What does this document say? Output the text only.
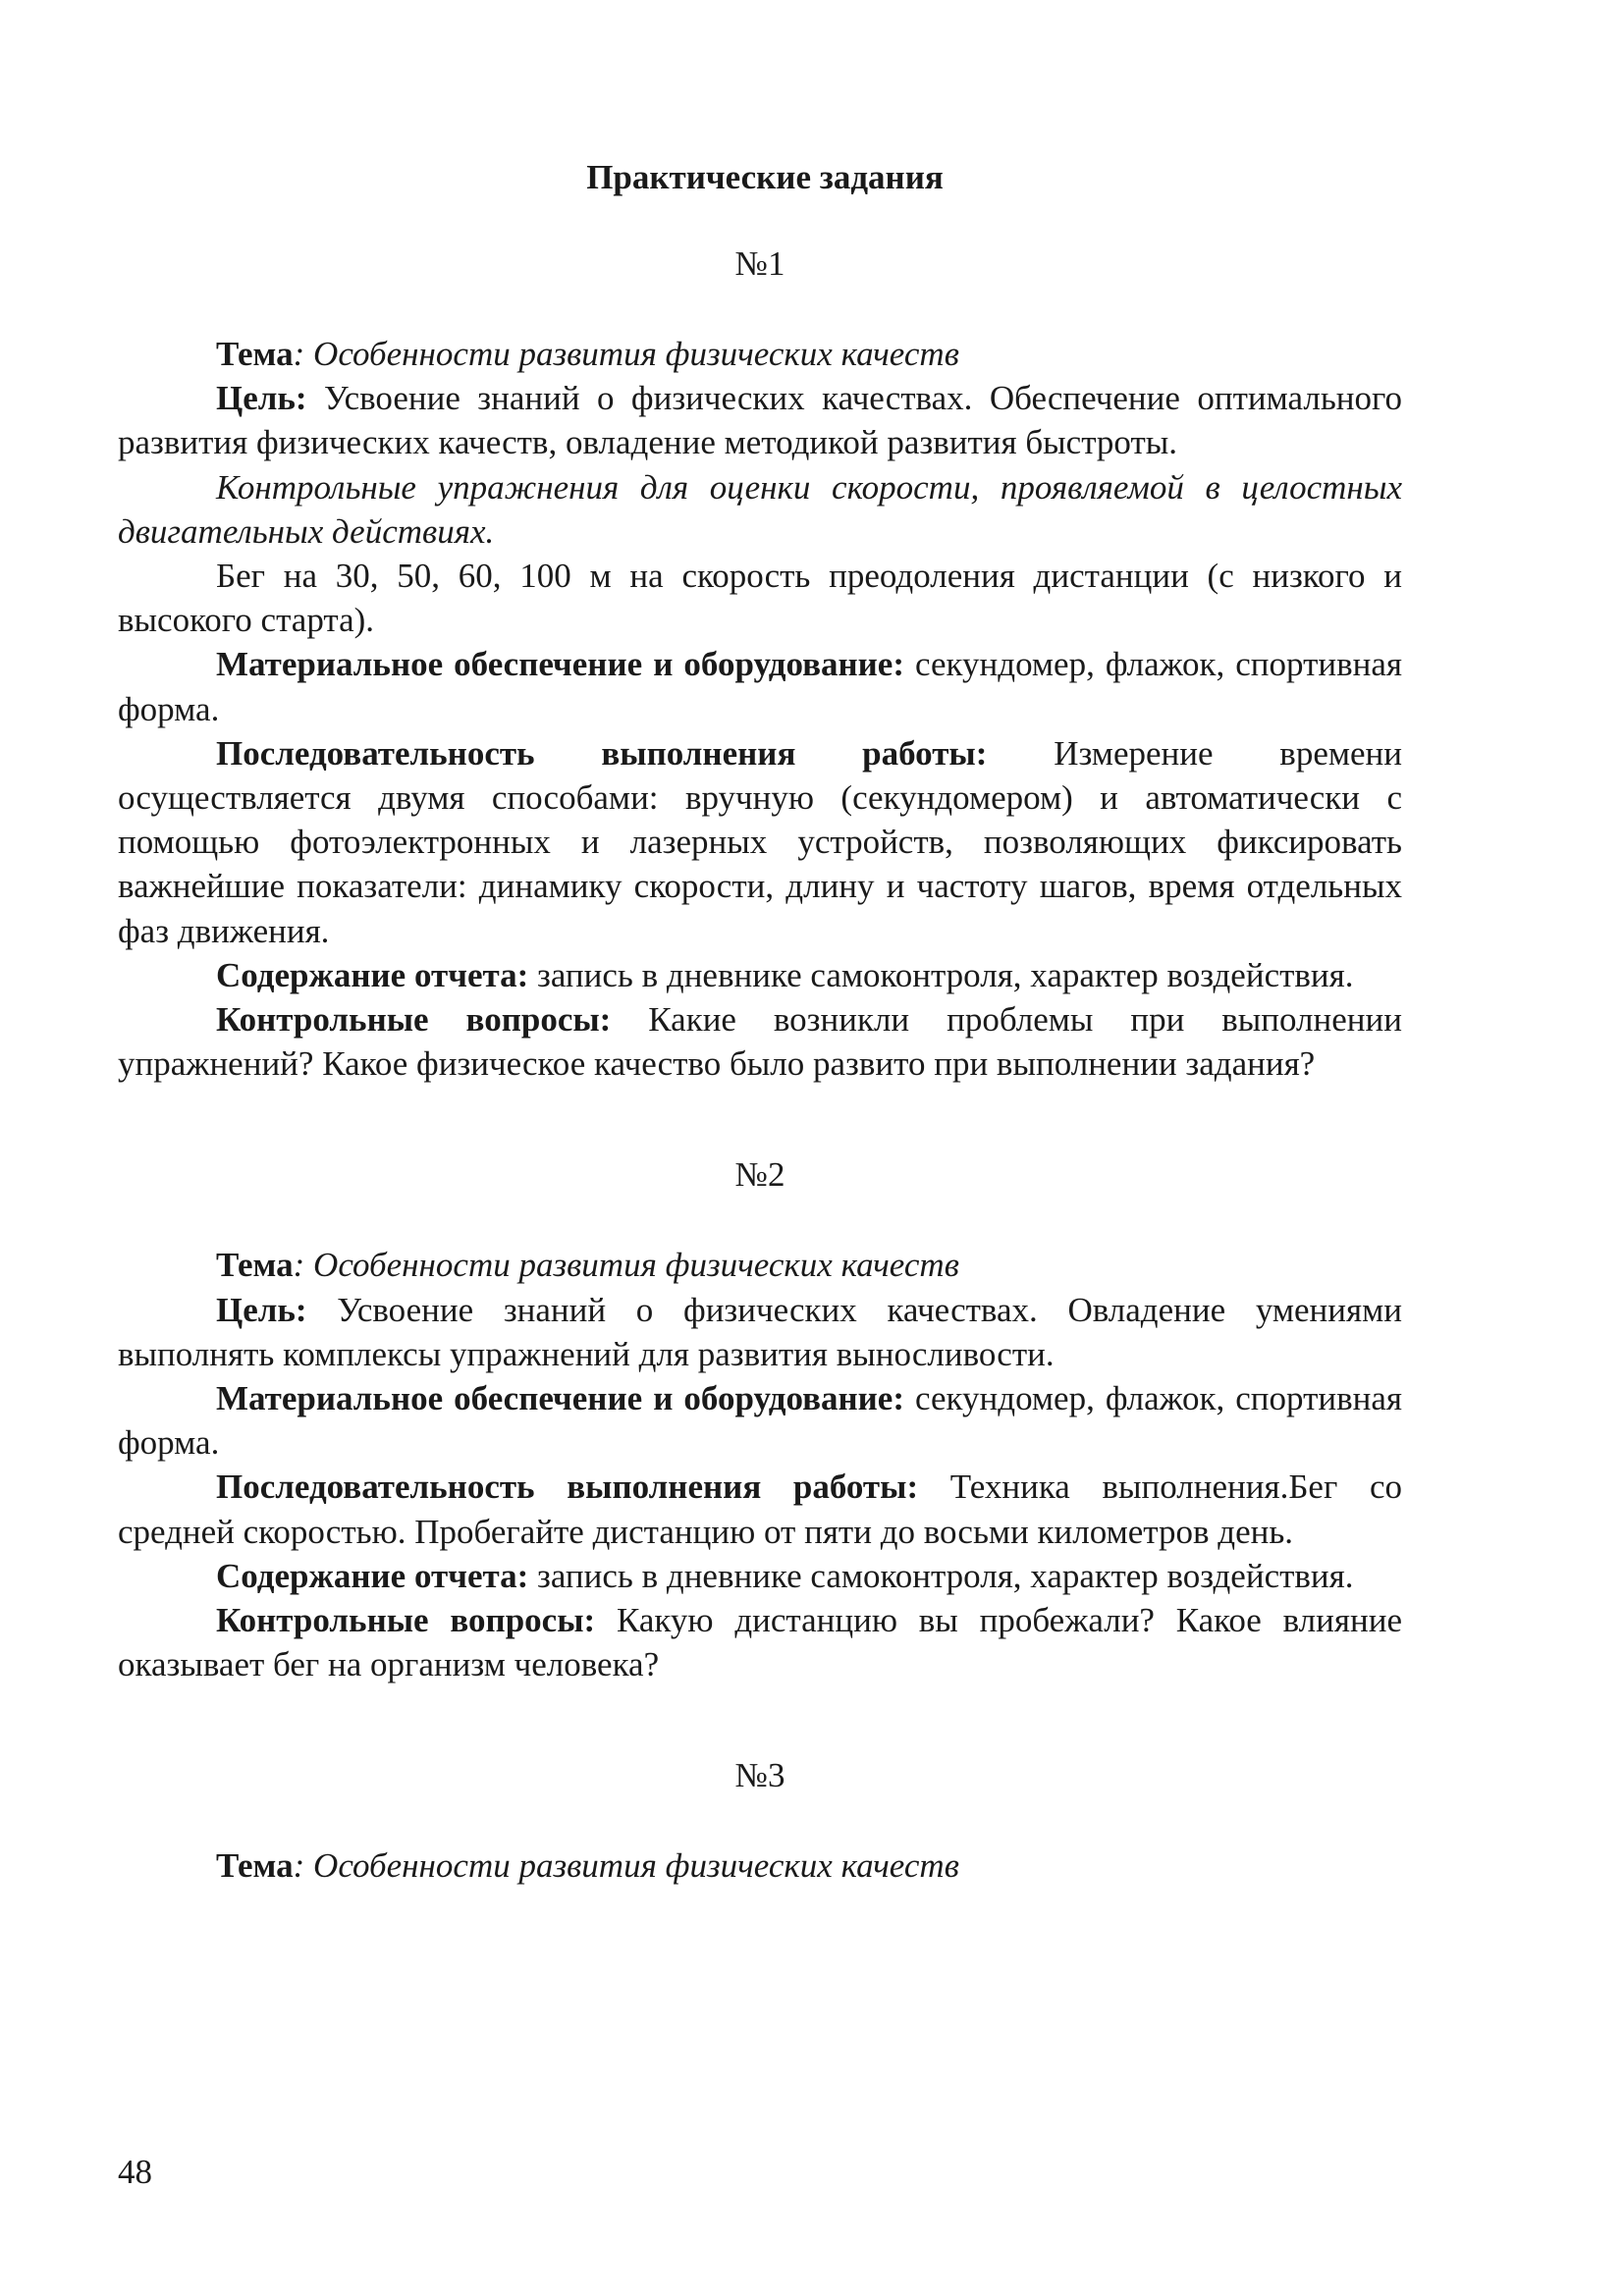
Практические задания

№1

Тема: Особенности развития физических качеств

Цель: Усвоение знаний о физических качествах. Обеспечение оптимального развития физических качеств, овладение методикой развития быстроты.

Контрольные упражнения для оценки скорости, проявляемой в целостных двигательных действиях.

Бег на 30, 50, 60, 100 м на скорость преодоления дистанции (с низкого и высокого старта).

Материальное обеспечение и оборудование: секундомер, флажок, спортивная форма.

Последовательность выполнения работы: Измерение времени осуществляется двумя способами: вручную (секундомером) и автоматически с помощью фотоэлектронных и лазерных устройств, позволяющих фиксировать важнейшие показатели: динамику скорости, длину и частоту шагов, время отдельных фаз движения.

Содержание отчета: запись в дневнике самоконтроля, характер воздействия.

Контрольные вопросы: Какие возникли проблемы при выполнении упражнений? Какое физическое качество было развито при выполнении задания?

№2

Тема: Особенности развития физических качеств

Цель: Усвоение знаний о физических качествах. Овладение умениями выполнять комплексы упражнений для развития выносливости.

Материальное обеспечение и оборудование: секундомер, флажок, спортивная форма.

Последовательность выполнения работы: Техника выполнения.Бег со средней скоростью. Пробегайте дистанцию от пяти до восьми километров день.

Содержание отчета: запись в дневнике самоконтроля, характер воздействия.

Контрольные вопросы: Какую дистанцию вы пробежали? Какое влияние оказывает бег на организм человека?

№3

Тема: Особенности развития физических качеств

48
